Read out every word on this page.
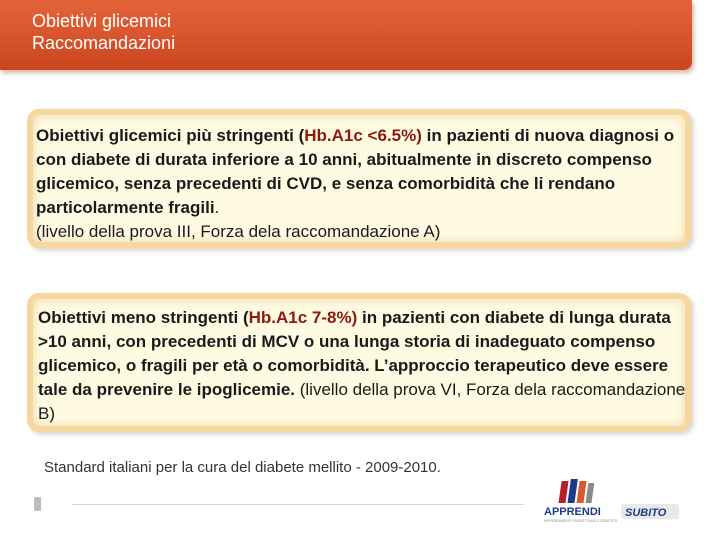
Obiettivi glicemici
Raccomandazioni
Obiettivi glicemici più stringenti (Hb.A1c <6.5%) in pazienti di nuova diagnosi o con diabete di durata inferiore a 10 anni, abitualmente in discreto compenso glicemico, senza precedenti di CVD, e senza comorbidità che li rendano particolarmente fragili.
(livello della prova III, Forza dela raccomandazione A)
Obiettivi meno stringenti (Hb.A1c 7-8%) in pazienti con diabete di lunga durata >10 anni, con precedenti di MCV o una lunga storia di inadeguato compenso glicemico, o fragili per età o comorbidità. L’approccio terapeutico deve essere tale da prevenire le ipoglicemie. (livello della prova VI, Forza dela raccomandazione B)
Standard italiani per la cura del diabete mellito - 2009-2010.
APPRENDI
APPRENDIMENTO PROGETTUALE E DIDATTICO
SUBITO
